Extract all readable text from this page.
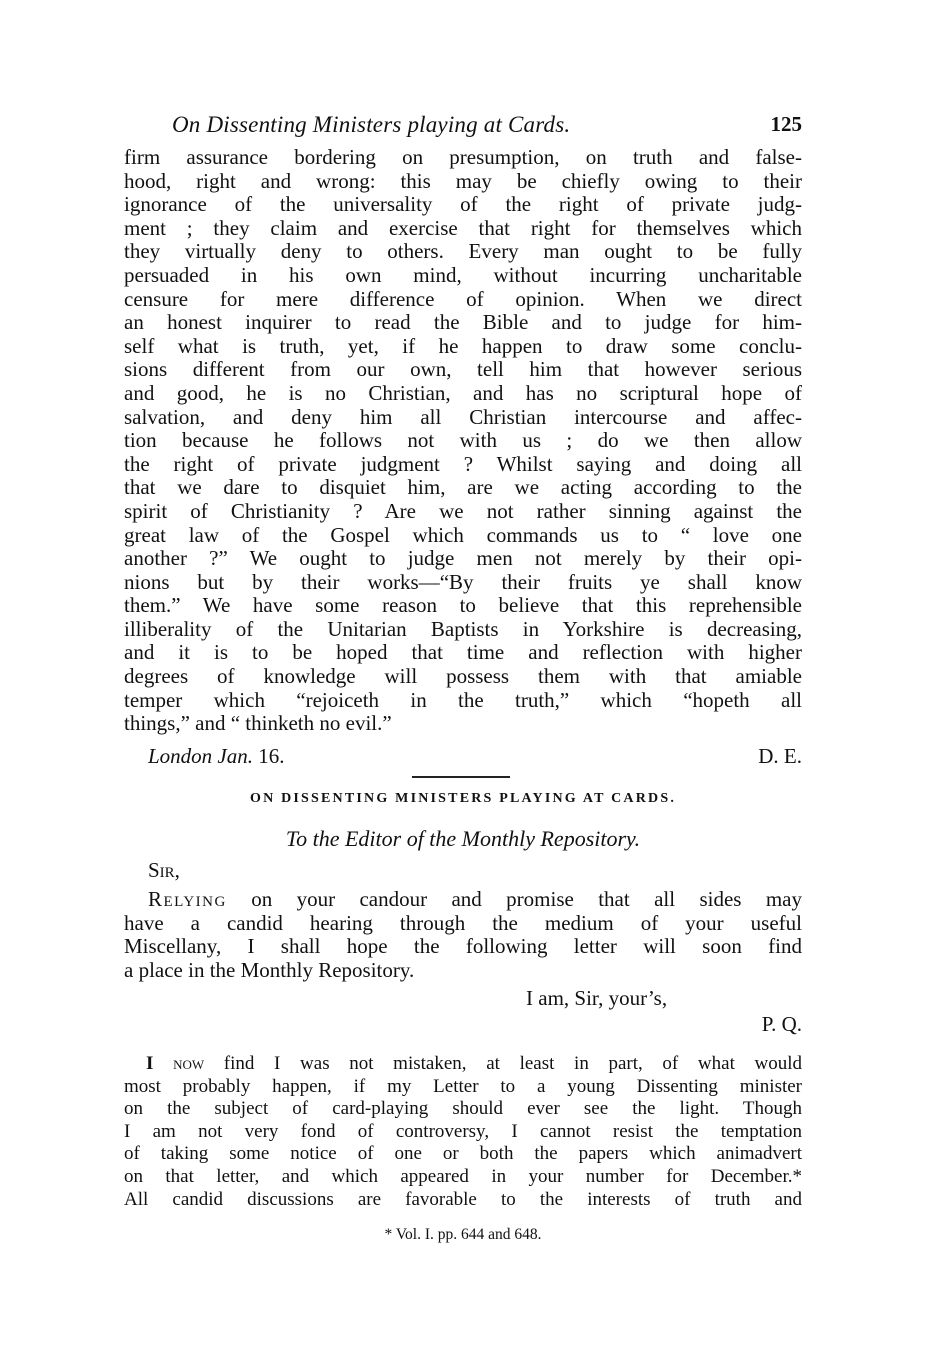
On Dissenting Ministers playing at Cards.	125
firm assurance bordering on presumption, on truth and false-
hood, right and wrong: this may be chiefly owing to their
ignorance of the universality of the right of private judg-
ment ; they claim and exercise that right for themselves which
they virtually deny to others. Every man ought to be fully
persuaded in his own mind, without incurring uncharitable
censure for mere difference of opinion. When we direct
an honest inquirer to read the Bible and to judge for him-
self what is truth, yet, if he happen to draw some conclu-
sions different from our own, tell him that however serious
and good, he is no Christian, and has no scriptural hope of
salvation, and deny him all Christian intercourse and affec-
tion because he follows not with us ; do we then allow
the right of private judgment ? Whilst saying and doing all
that we dare to disquiet him, are we acting according to the
spirit of Christianity ? Are we not rather sinning against the
great law of the Gospel which commands us to “ love one
another ?” We ought to judge men not merely by their opi-
nions but by their works—“By their fruits ye shall know
them.” We have some reason to believe that this reprehensible
illiberality of the Unitarian Baptists in Yorkshire is decreasing,
and it is to be hoped that time and reflection with higher
degrees of knowledge will possess them with that amiable
temper which “rejoiceth in the truth,” which “hopeth all
things,” and “ thinketh no evil.”
London Jan. 16.	D. E.
ON DISSENTING MINISTERS PLAYING AT CARDS.
To the Editor of the Monthly Repository.
Sir,
Relying on your candour and promise that all sides may
have a candid hearing through the medium of your useful
Miscellany, I shall hope the following letter will soon find
a place in the Monthly Repository.
I am, Sir, your’s,
P. Q.
I now find I was not mistaken, at least in part, of what would
most probably happen, if my Letter to a young Dissenting minister
on the subject of card-playing should ever see the light. Though
I am not very fond of controversy, I cannot resist the temptation
of taking some notice of one or both the papers which animadvert
on that letter, and which appeared in your number for December.*
All candid discussions are favorable to the interests of truth and
* Vol. I. pp. 644 and 648.
